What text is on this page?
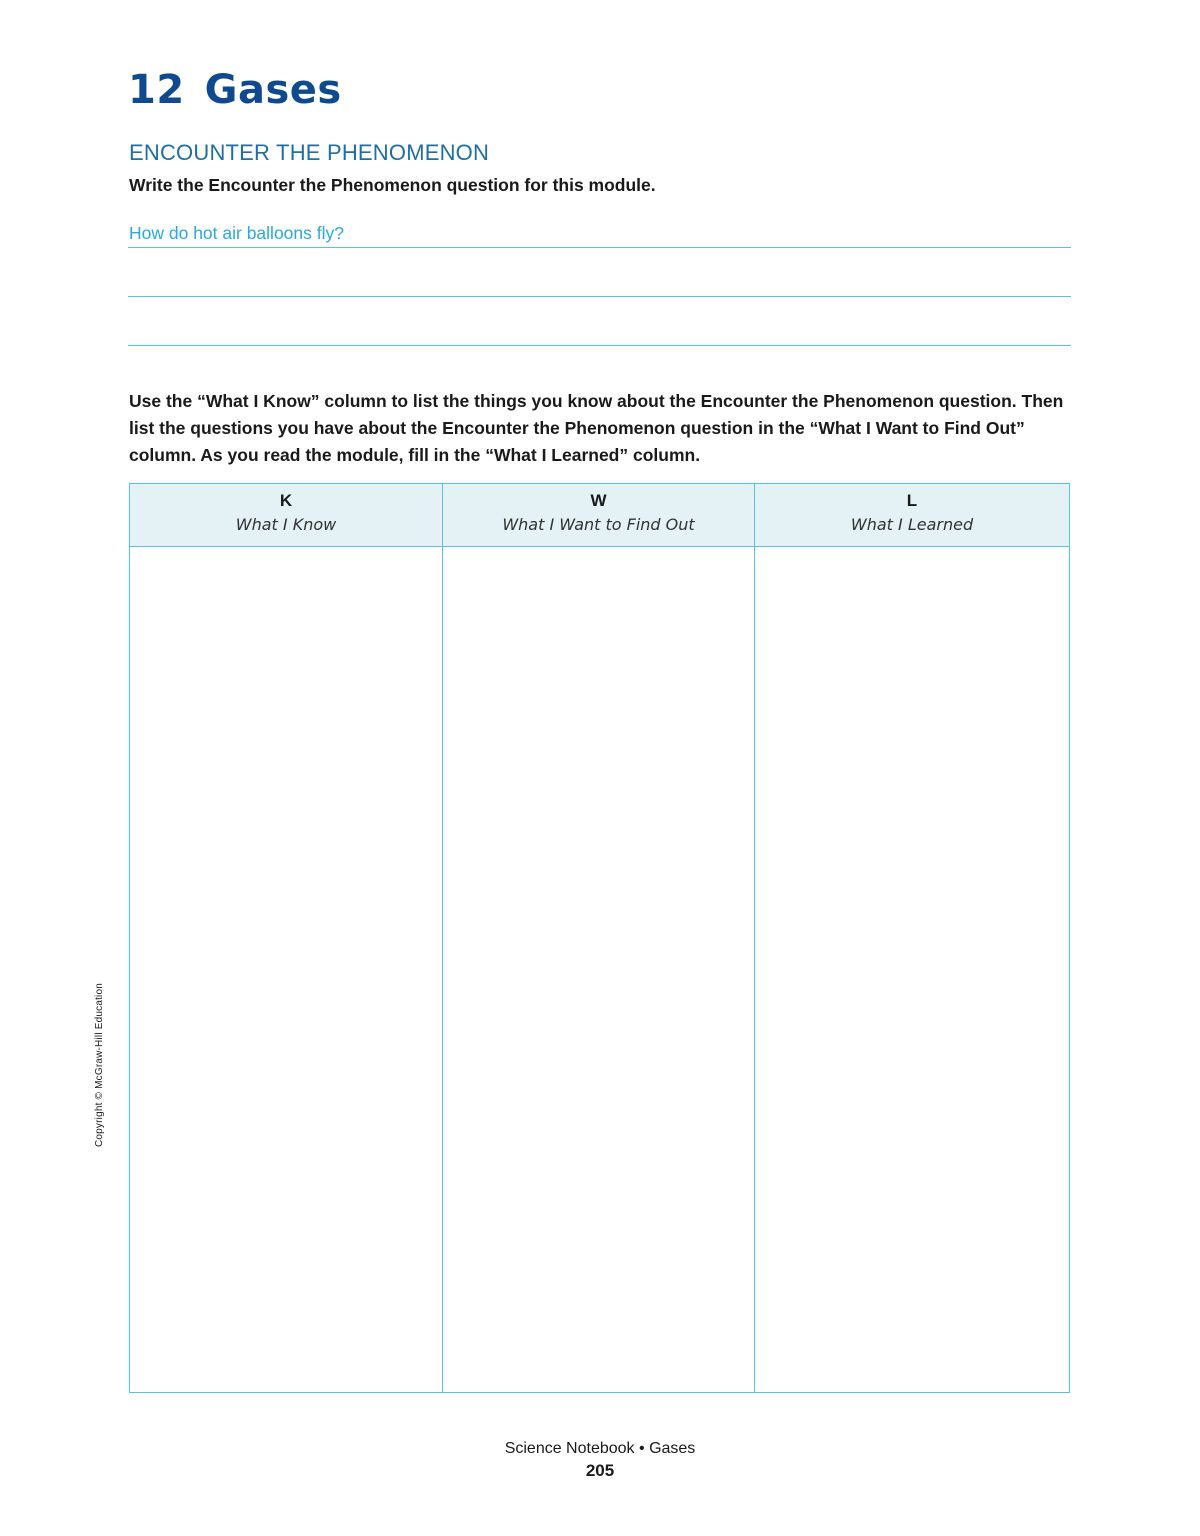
12 Gases
ENCOUNTER THE PHENOMENON

Write the Encounter the Phenomenon question for this module.

How do hot air balloons fly?

Use the “What I Know” column to list the things you know about the Encounter the Phenomenon question. Then list the questions you have about the Encounter the Phenomenon question in the “What I Want to Find Out” column. As you read the module, fill in the “What I Learned” column.

K
What I Know
W
What I Want to Find Out
L
What I Learned
Copyright © McGraw-Hill Education
Science Notebook • Gases
205
